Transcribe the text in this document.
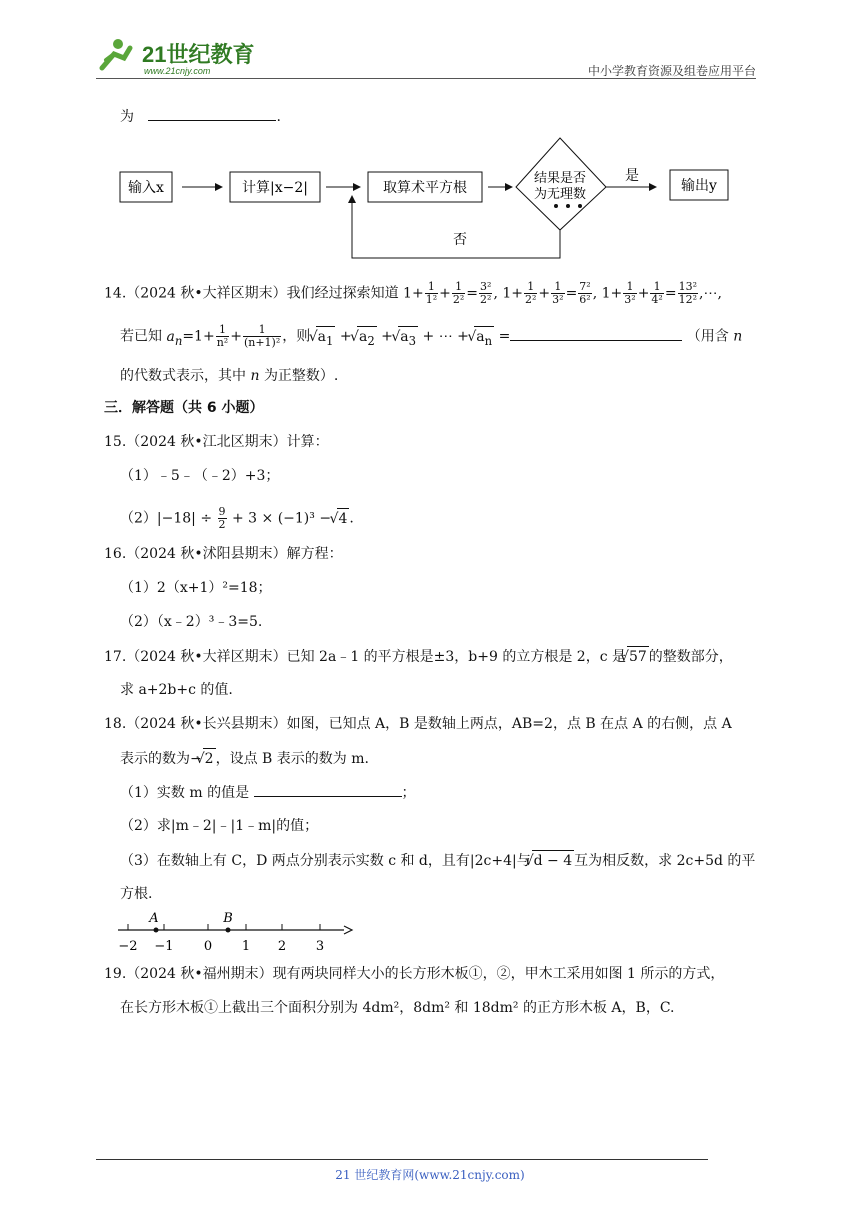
21世纪教育
www.21cnjy.com	中小学教育资源及组卷应用平台
为	.
输入x	计算|x−2|	取算术平方根
结果是否
为无理数
是
输出y
否
14.（2024 秋•大祥区期末）我们经过探索知道 $1+ \frac{1}{\text{1²}} + \frac{1}{\text{2²}} = \frac{\text{3²}}{\text{2²}}$ , $1+ \frac{1}{\text{2²}} + \frac{1}{\text{3²}} = \frac{\text{7²}}{\text{6²}}$ , $1+ \frac{1}{\text{3²}} + \frac{1}{\text{4²}} = \frac{\text{13²}}{\text{12²}}$ ,⋯,
若已知 $a_n=1+ \frac{1}{\text{n²}} + \frac{1}{\text{(n+1)²}}$ ，则 √ $a_1$ + √ $a_2$ + √ $a_3$ + ⋯ + √ $a_n$ =	（用含 n
的代数式表示，其中 n 为正整数）.
三．解答题（共 6 小题）
15.（2024 秋•江北区期末）计算：
（1）﹣5﹣（﹣2）+3；
$(2)|-18| \div \frac{9}{2} + 3 \times (-1)^3$ − √ 4 .
16.（2024 秋•沭阳县期末）解方程：
（1）2（x+1）²=18；
（2）（x﹣2）³﹣3=5.
17.（2024 秋•大祥区期末）已知 2a﹣1 的平方根是±3，b+9 的立方根是 2，c 是 √ 57 的整数部分，
求 a+2b+c 的值.
18.（2024 秋•长兴县期末）如图，已知点 A，B 是数轴上两点，AB=2，点 B 在点 A 的右侧，点 A
表示的数为− √ 2 ，设点 B 表示的数为 m.
（1）实数 m 的值是	；
（2）求|m﹣2|﹣|1﹣m|的值；
（3）在数轴上有 C，D 两点分别表示实数 c 和 d，且有|2c+4|与 √ d − 4 互为相反数，求 2c+5d 的平
方根.
−2 −1 0 1 2 3
A	B
19.（2024 秋•福州期末）现有两块同样大小的长方形木板①，②，甲木工采用如图 1 所示的方式，
在长方形木板①上截出三个面积分别为 4dm²，8dm² 和 18dm² 的正方形木板 A，B，C.
21 世纪教育网(www.21cnjy.com)
